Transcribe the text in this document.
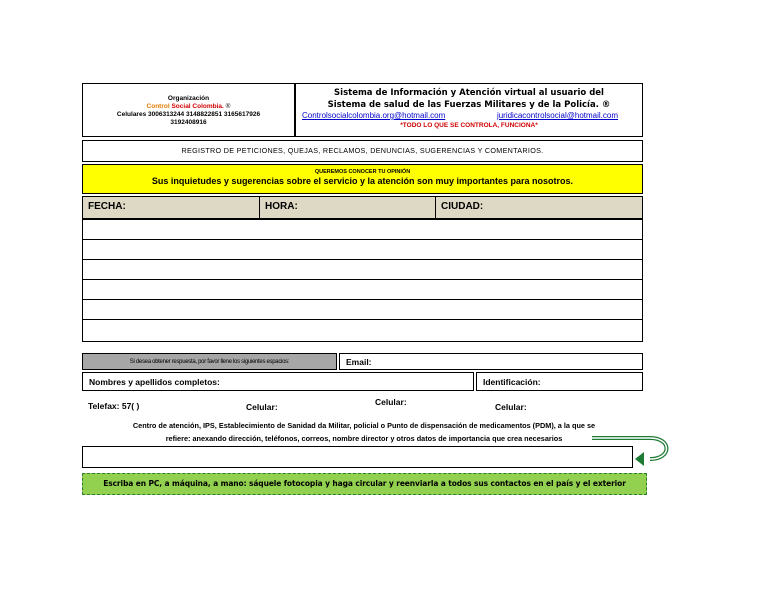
Organización
Control Social Colombia. ®
Celulares 3006313244 3148822851 3165617926
3192408916
Sistema de Información y Atención virtual al usuario del
Sistema de salud de las Fuerzas Militares y de la Policía. ®
Controlsocialcolombia.org@hotmail.com	juridicacontrolsocial@hotmail.com
*TODO LO QUE SE CONTROLA, FUNCIONA*
REGISTRO DE PETICIONES, QUEJAS, RECLAMOS, DENUNCIAS, SUGERENCIAS Y COMENTARIOS.
QUEREMOS CONOCER TU OPINIÓN
Sus inquietudes y sugerencias sobre el servicio y la atención son muy importantes para nosotros.
FECHA:	HORA:	CIUDAD:
Si desea obtener respuesta, por favor llene los siguientes espacios:	Email:
Nombres y apellidos completos:	Identificación:
Telefax: 57( )	Celular:	Celular:	Celular:
Centro de atención, IPS, Establecimiento de Sanidad da Militar, policial o Punto de dispensación de medicamentos (PDM), a la que se
refiere: anexando dirección, teléfonos, correos, nombre director y otros datos de importancia que crea necesarios
Escriba en PC, a máquina, a mano: sáquele fotocopia y haga circular y reenviarla a todos sus contactos en el país y el exterior
